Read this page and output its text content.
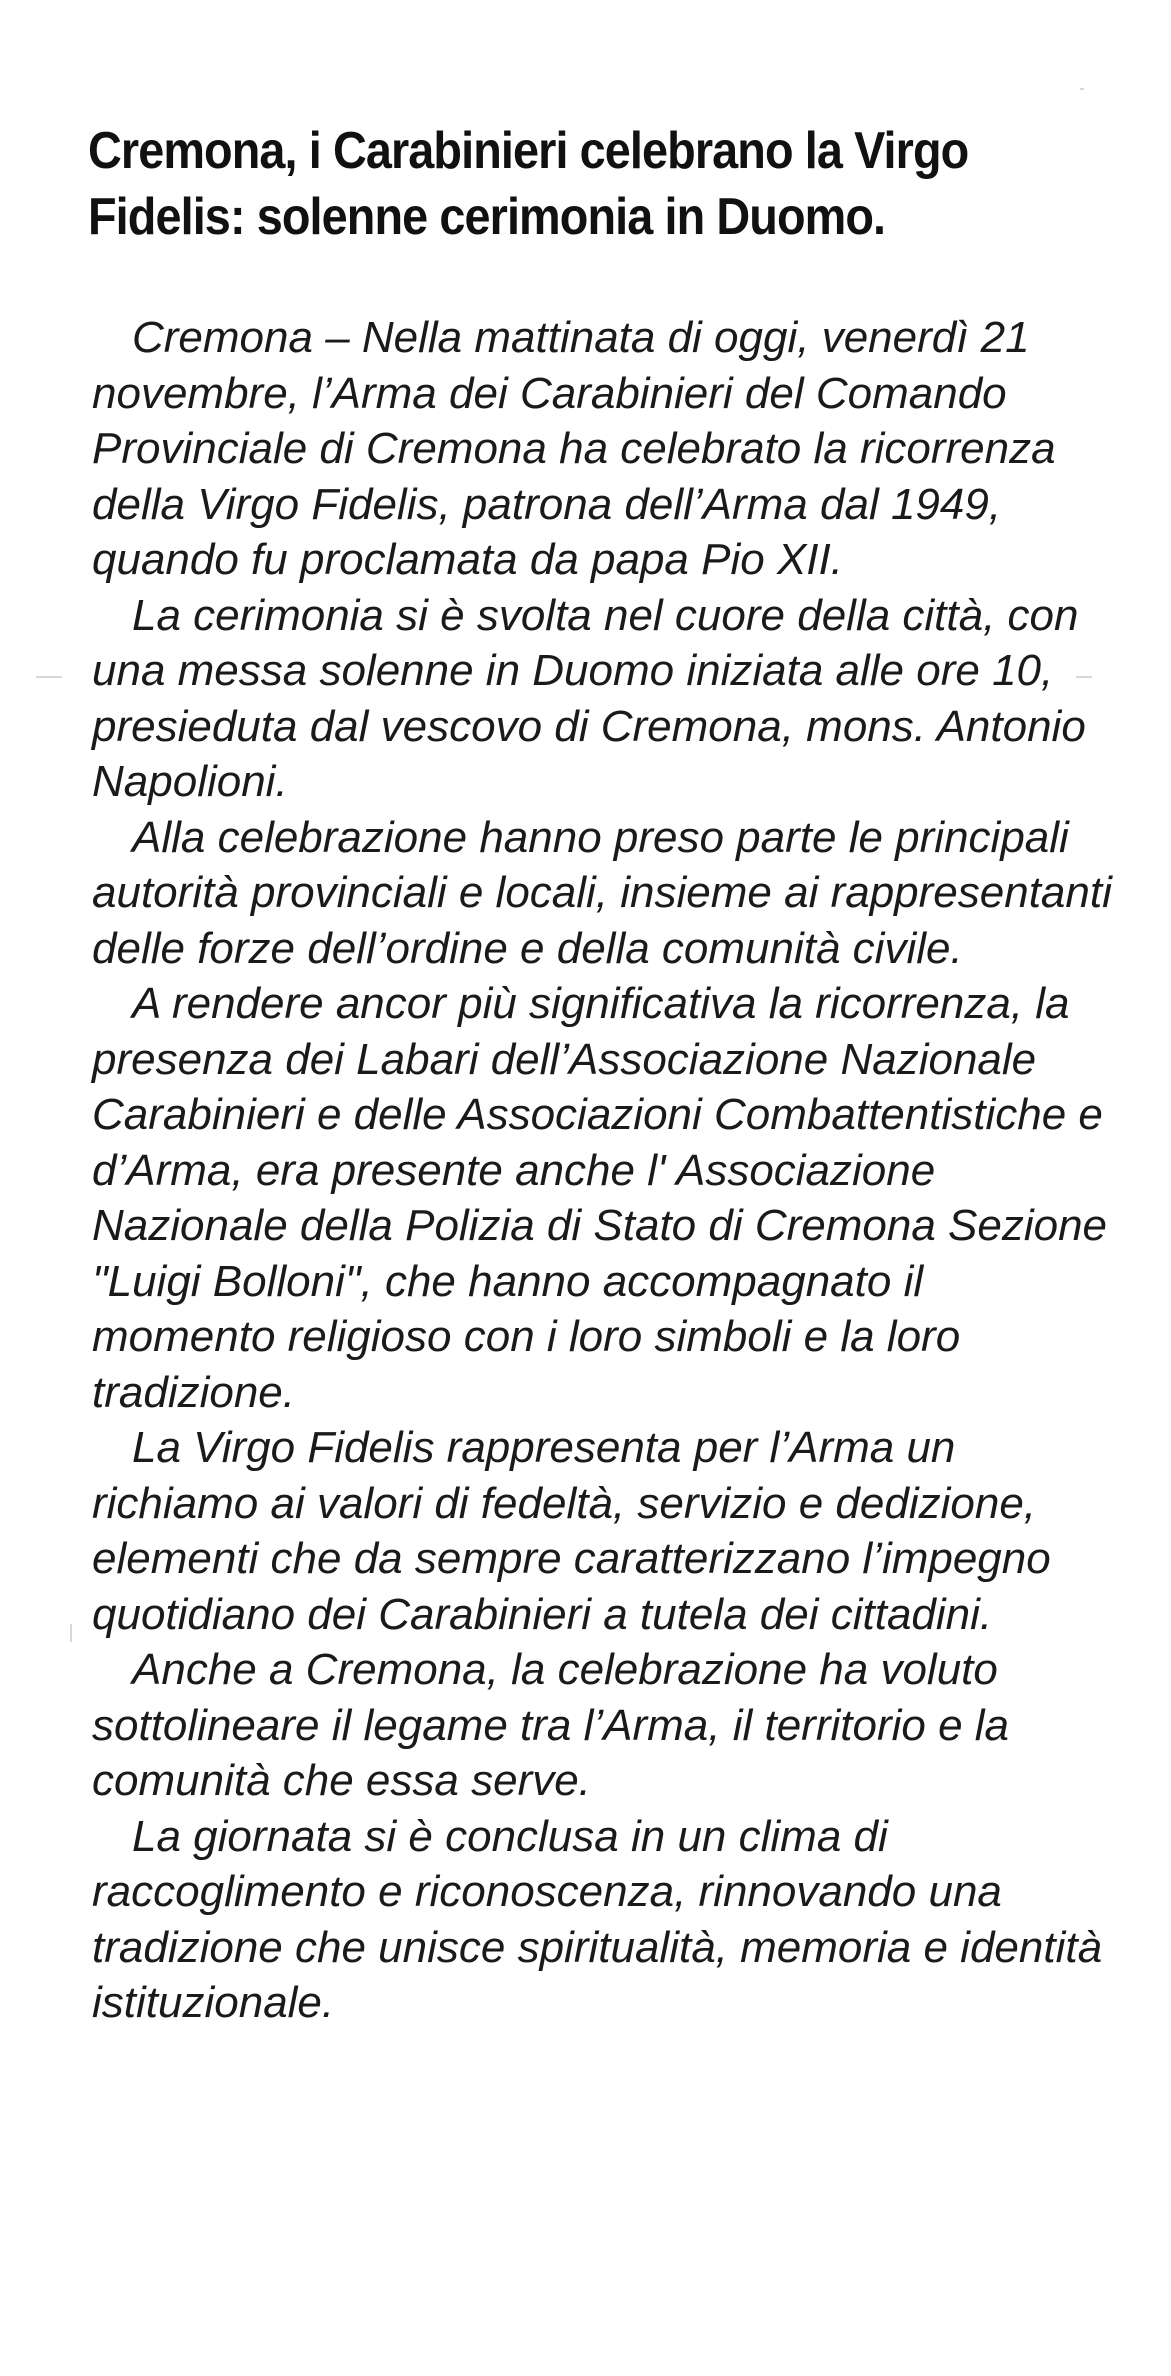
Cremona, i Carabinieri celebrano la Virgo Fidelis: solenne cerimonia in Duomo.

Cremona – Nella mattinata di oggi, venerdì 21 novembre, l’Arma dei Carabinieri del Comando Provinciale di Cremona ha celebrato la ricorrenza della Virgo Fidelis, patrona dell’Arma dal 1949, quando fu proclamata da papa Pio XII.

La cerimonia si è svolta nel cuore della città, con una messa solenne in Duomo iniziata alle ore 10, presieduta dal vescovo di Cremona, mons. Antonio Napolioni.

Alla celebrazione hanno preso parte le principali autorità provinciali e locali, insieme ai rappresentanti delle forze dell’ordine e della comunità civile.

A rendere ancor più significativa la ricorrenza, la presenza dei Labari dell’Associazione Nazionale Carabinieri e delle Associazioni Combattentistiche e d’Arma, era presente anche l' Associazione Nazionale della Polizia di Stato di Cremona Sezione "Luigi Bolloni", che hanno accompagnato il momento religioso con i loro simboli e la loro tradizione.

La Virgo Fidelis rappresenta per l’Arma un richiamo ai valori di fedeltà, servizio e dedizione, elementi che da sempre caratterizzano l’impegno quotidiano dei Carabinieri a tutela dei cittadini.

Anche a Cremona, la celebrazione ha voluto sottolineare il legame tra l’Arma, il territorio e la comunità che essa serve.

La giornata si è conclusa in un clima di raccoglimento e riconoscenza, rinnovando una tradizione che unisce spiritualità, memoria e identità istituzionale.
